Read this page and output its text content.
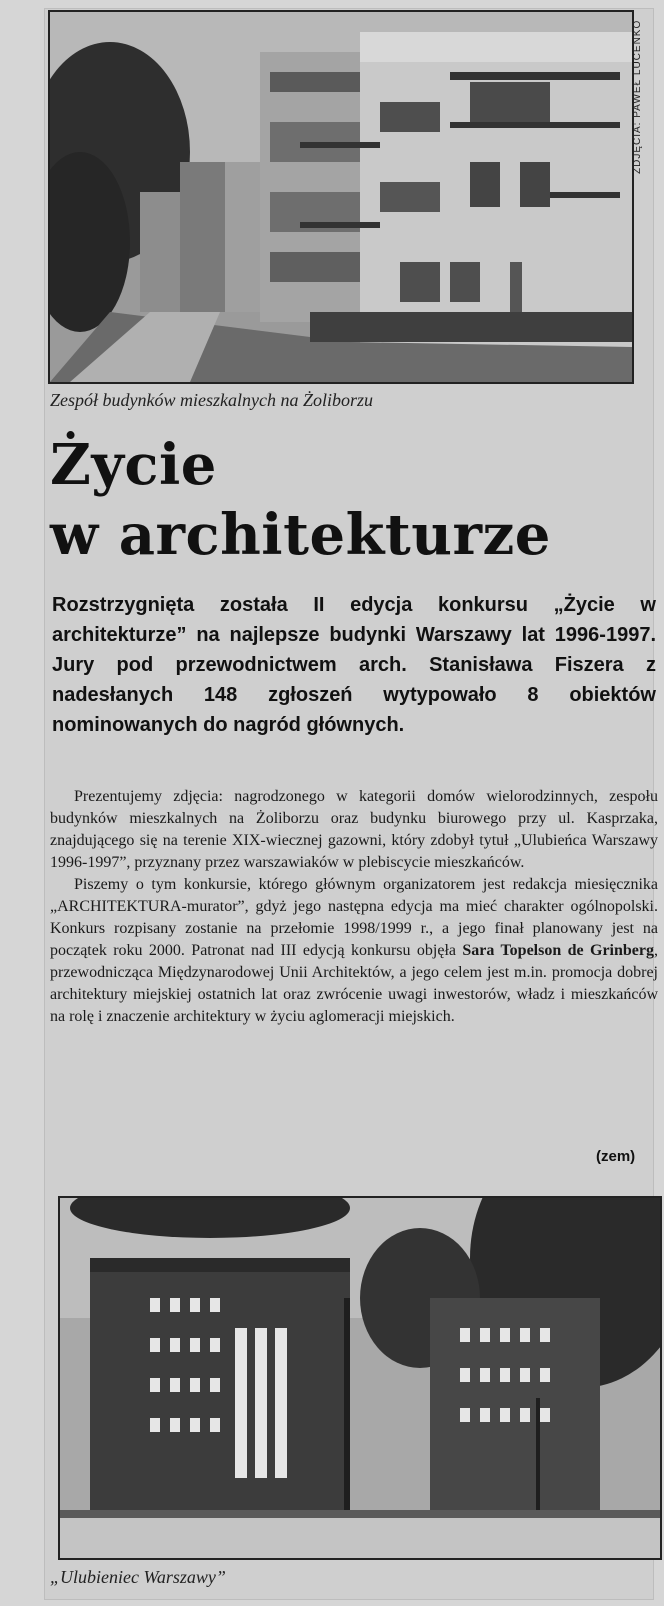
ZDJĘCIA: PAWEŁ LUCENKO
Zespół budynków mieszkalnych na Żoliborzu
Życie
w architekturze

Rozstrzygnięta została II edycja konkursu „Życie w architekturze” na najlepsze budynki Warszawy lat 1996-1997. Jury pod przewodnictwem arch. Stanisława Fiszera z nadesłanych 148 zgłoszeń wytypowało 8 obiektów nominowanych do nagród głównych.

Prezentujemy zdjęcia: nagrodzonego w kategorii domów wielorodzinnych, zespołu budynków mieszkalnych na Żoliborzu oraz budynku biurowego przy ul. Kasprzaka, znajdującego się na terenie XIX-wiecznej gazowni, który zdobył tytuł „Ulubieńca Warszawy 1996-1997”, przyznany przez warszawiaków w plebiscycie mieszkańców.

Piszemy o tym konkursie, którego głównym organizatorem jest redakcja miesięcznika „ARCHITEKTURA-murator”, gdyż jego następna edycja ma mieć charakter ogólnopolski. Konkurs rozpisany zostanie na przełomie 1998/1999 r., a jego finał planowany jest na początek roku 2000. Patronat nad III edycją konkursu objęła Sara Topelson de Grinberg, przewodnicząca Międzynarodowej Unii Architektów, a jego celem jest m.in. promocja dobrej architektury miejskiej ostatnich lat oraz zwrócenie uwagi inwestorów, władz i mieszkańców na rolę i znaczenie architektury w życiu aglomeracji miejskich.

(zem)
„Ulubieniec Warszawy”
